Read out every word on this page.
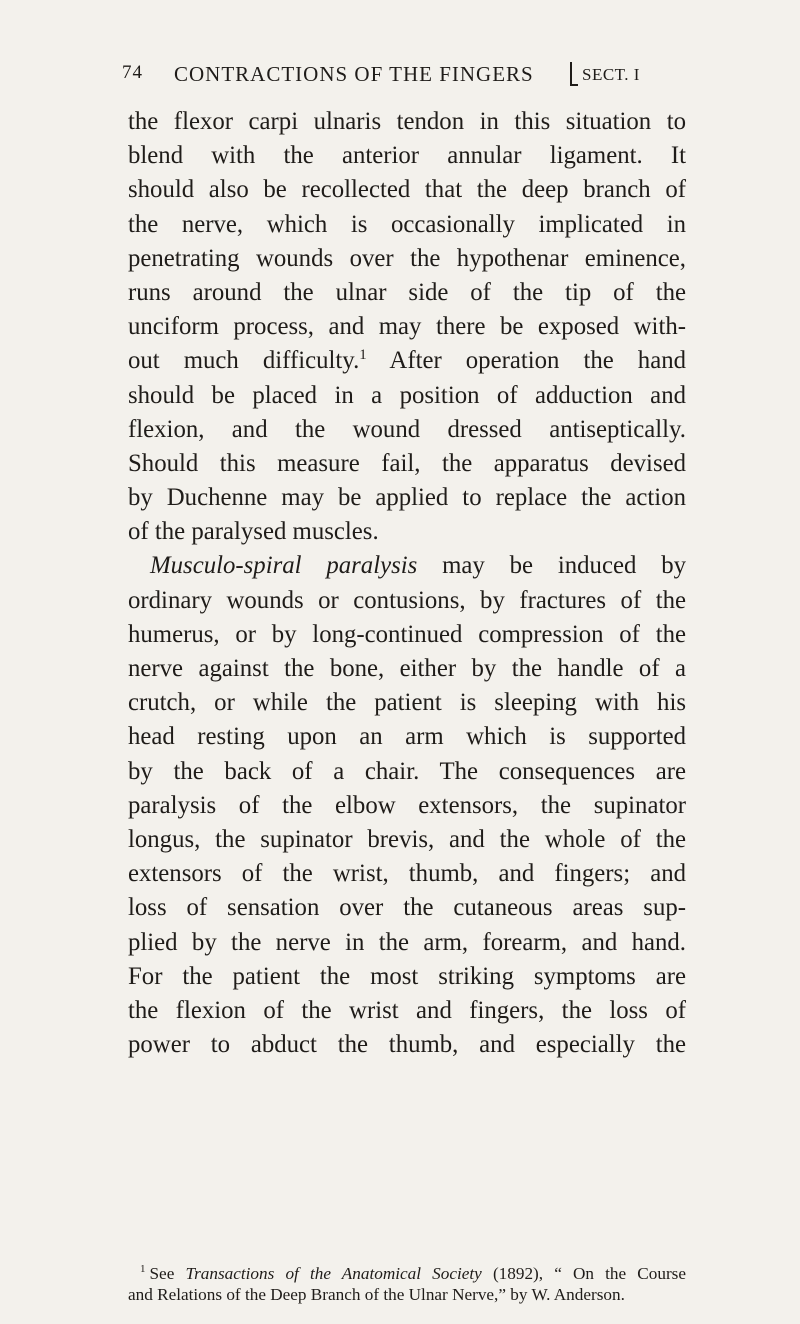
74 CONTRACTIONS OF THE FINGERS	SECT. I
the flexor carpi ulnaris tendon in this situation to
blend with the anterior annular ligament. It
should also be recollected that the deep branch of
the nerve, which is occasionally implicated in
penetrating wounds over the hypothenar eminence,
runs around the ulnar side of the tip of the
unciform process, and may there be exposed with-
out much difficulty.$^1$ After operation the hand
should be placed in a position of adduction and
flexion, and the wound dressed antiseptically.
Should this measure fail, the apparatus devised
by Duchenne may be applied to replace the action
of the paralysed muscles.
Musculo-spiral paralysis may be induced by
ordinary wounds or contusions, by fractures of the
humerus, or by long-continued compression of the
nerve against the bone, either by the handle of a
crutch, or while the patient is sleeping with his
head resting upon an arm which is supported
by the back of a chair. The consequences are
paralysis of the elbow extensors, the supinator
longus, the supinator brevis, and the whole of the
extensors of the wrist, thumb, and fingers; and
loss of sensation over the cutaneous areas sup-
plied by the nerve in the arm, forearm, and hand.
For the patient the most striking symptoms are
the flexion of the wrist and fingers, the loss of
power to abduct the thumb, and especially the
$^1$ See Transactions of the Anatomical Society (1892), “ On the Course
and Relations of the Deep Branch of the Ulnar Nerve,” by W. Anderson.
